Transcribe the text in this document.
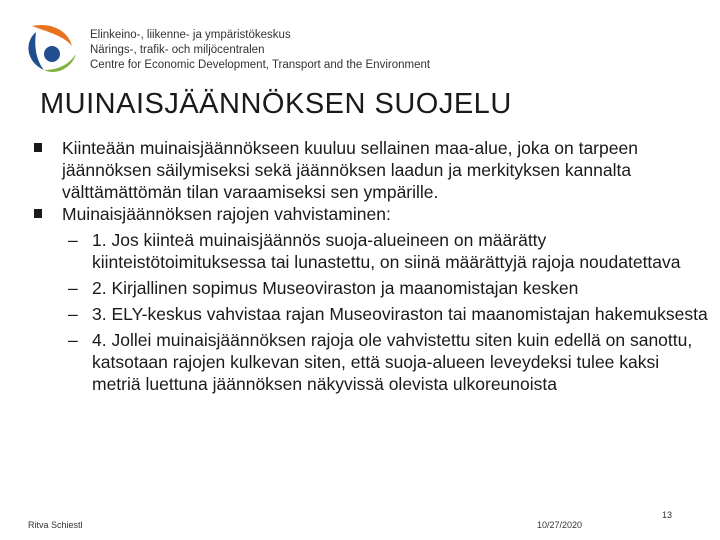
Elinkeino-, liikenne- ja ympäristökeskus
Närings-, trafik- och miljöcentralen
Centre for Economic Development, Transport and the Environment
MUINAISJÄÄNNÖKSEN SUOJELU
Kiinteään muinaisjäännökseen kuuluu sellainen maa-alue, joka on tarpeen jäännöksen säilymiseksi sekä jäännöksen laadun ja merkityksen kannalta välttämättömän tilan varaamiseksi sen ympärille.
Muinaisjäännöksen rajojen vahvistaminen:
– 1. Jos kiinteä muinaisjäännös suoja-alueineen on määrätty kiinteistötoimituksessa tai lunastettu, on siinä määrättyjä rajoja noudatettava
– 2. Kirjallinen sopimus Museoviraston ja maanomistajan kesken
– 3. ELY-keskus vahvistaa rajan Museoviraston tai maanomistajan hakemuksesta
– 4. Jollei muinaisjäännöksen rajoja ole vahvistettu siten kuin edellä on sanottu, katsotaan rajojen kulkevan siten, että suoja-alueen leveydeksi tulee kaksi metriä luettuna jäännöksen näkyvissä olevista ulkoreunoista
Ritva Schiestl	10/27/2020
13
